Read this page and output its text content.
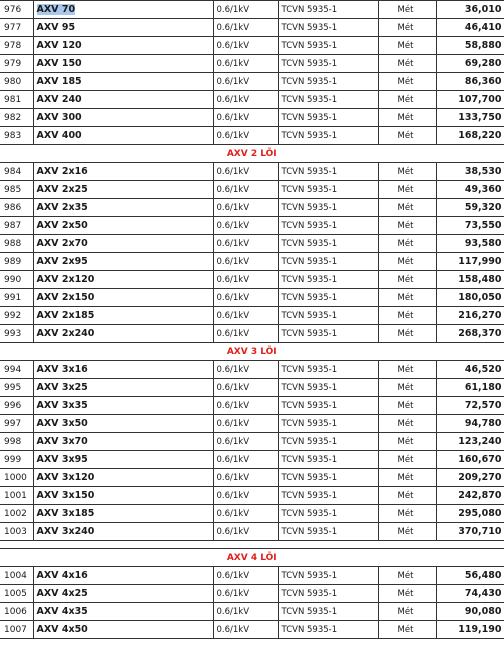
976	AXV 70	0.6/1kV	TCVN 5935-1	Mét	36,010
977	AXV 95	0.6/1kV	TCVN 5935-1	Mét	46,410
978	AXV 120	0.6/1kV	TCVN 5935-1	Mét	58,880
979	AXV 150	0.6/1kV	TCVN 5935-1	Mét	69,280
980	AXV 185	0.6/1kV	TCVN 5935-1	Mét	86,360
981	AXV 240	0.6/1kV	TCVN 5935-1	Mét	107,700
982	AXV 300	0.6/1kV	TCVN 5935-1	Mét	133,750
983	AXV 400	0.6/1kV	TCVN 5935-1	Mét	168,220
AXV 2 LÕI					
984	AXV 2x16	0.6/1kV	TCVN 5935-1	Mét	38,530
985	AXV 2x25	0.6/1kV	TCVN 5935-1	Mét	49,360
986	AXV 2x35	0.6/1kV	TCVN 5935-1	Mét	59,320
987	AXV 2x50	0.6/1kV	TCVN 5935-1	Mét	73,550
988	AXV 2x70	0.6/1kV	TCVN 5935-1	Mét	93,580
989	AXV 2x95	0.6/1kV	TCVN 5935-1	Mét	117,990
990	AXV 2x120	0.6/1kV	TCVN 5935-1	Mét	158,480
991	AXV 2x150	0.6/1kV	TCVN 5935-1	Mét	180,050
992	AXV 2x185	0.6/1kV	TCVN 5935-1	Mét	216,270
993	AXV 2x240	0.6/1kV	TCVN 5935-1	Mét	268,370
AXV 3 LÕI					
994	AXV 3x16	0.6/1kV	TCVN 5935-1	Mét	46,520
995	AXV 3x25	0.6/1kV	TCVN 5935-1	Mét	61,180
996	AXV 3x35	0.6/1kV	TCVN 5935-1	Mét	72,570
997	AXV 3x50	0.6/1kV	TCVN 5935-1	Mét	94,780
998	AXV 3x70	0.6/1kV	TCVN 5935-1	Mét	123,240
999	AXV 3x95	0.6/1kV	TCVN 5935-1	Mét	160,670
1000	AXV 3x120	0.6/1kV	TCVN 5935-1	Mét	209,270
1001	AXV 3x150	0.6/1kV	TCVN 5935-1	Mét	242,870
1002	AXV 3x185	0.6/1kV	TCVN 5935-1	Mét	295,080
1003	AXV 3x240	0.6/1kV	TCVN 5935-1	Mét	370,710

AXV 4 LÕI					
1004	AXV 4x16	0.6/1kV	TCVN 5935-1	Mét	56,480
1005	AXV 4x25	0.6/1kV	TCVN 5935-1	Mét	74,430
1006	AXV 4x35	0.6/1kV	TCVN 5935-1	Mét	90,080
1007	AXV 4x50	0.6/1kV	TCVN 5935-1	Mét	119,190
